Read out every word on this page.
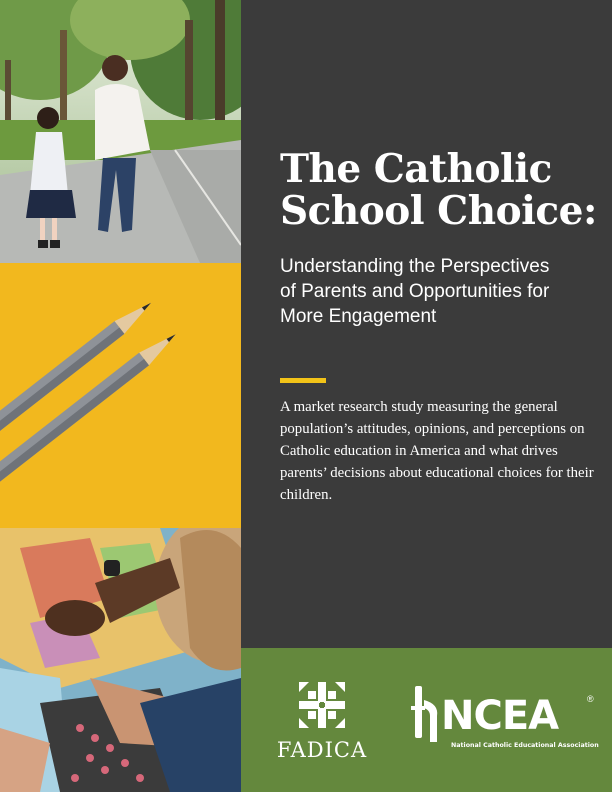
The Catholic
School Choice:

Understanding the Perspectives
of Parents and Opportunities for
More Engagement

A market research study measuring the general population’s attitudes, opinions, and perceptions on Catholic education in America and what drives parents’ decisions about educational choices for their children.

FADICA
NCEA	®
National Catholic Educational Association
